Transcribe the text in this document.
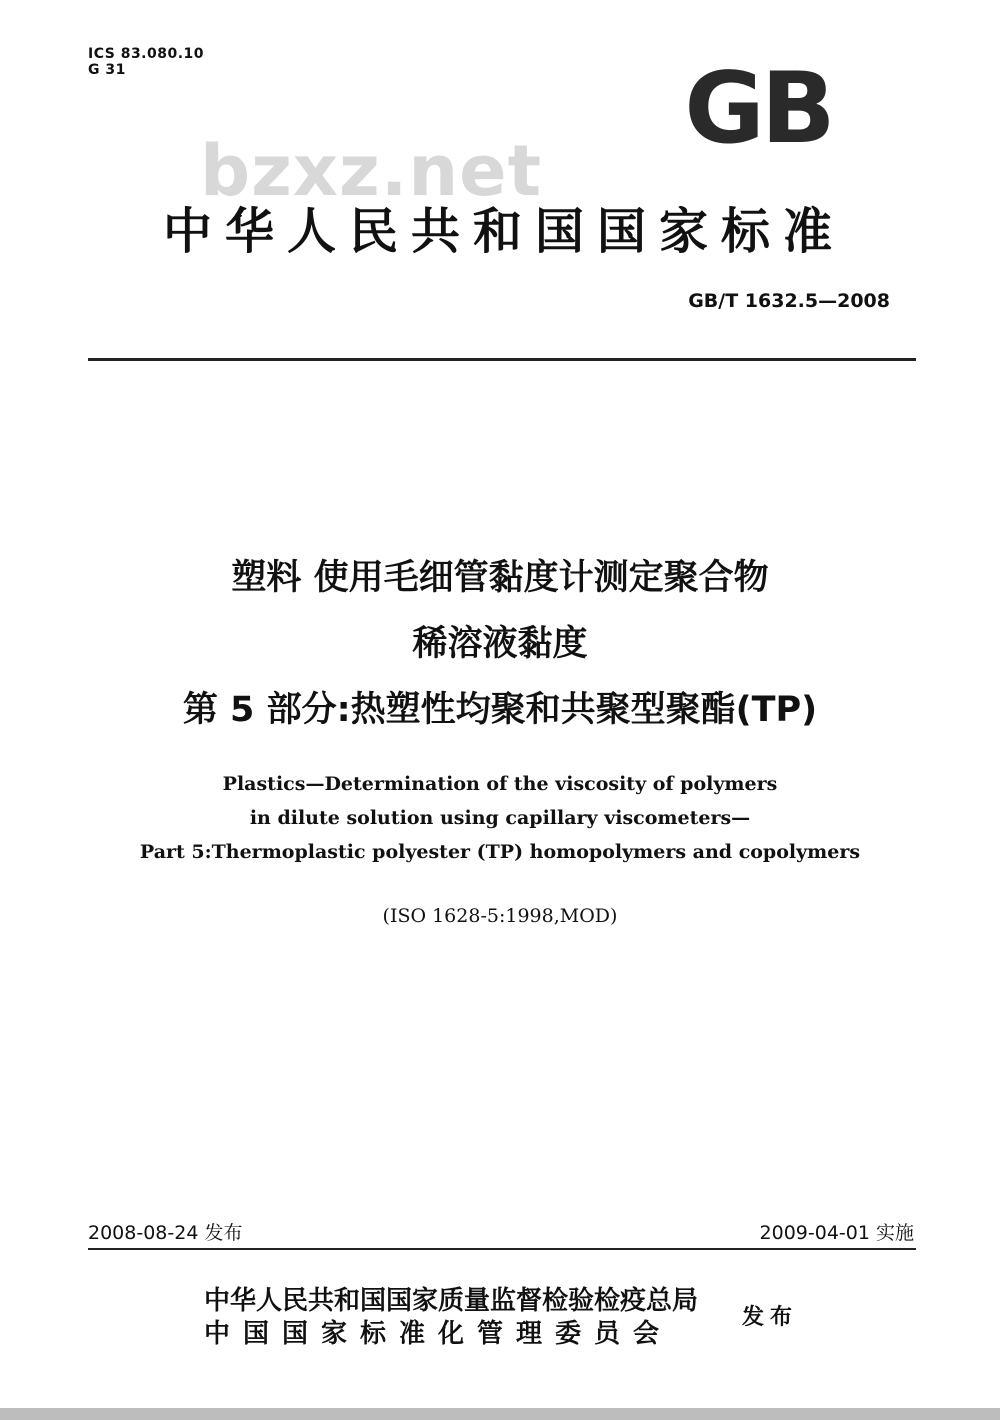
ICS 83.080.10
G 31	GB
bzxz.net
中华人民共和国国家标准
GB/T 1632.5—2008
塑料 使用毛细管黏度计测定聚合物
稀溶液黏度
第 5 部分:热塑性均聚和共聚型聚酯(TP)
Plastics—Determination of the viscosity of polymers
in dilute solution using capillary viscometers—
Part 5:Thermoplastic polyester (TP) homopolymers and copolymers
(ISO 1628-5:1998,MOD)
2008-08-24 发布	2009-04-01 实施
中华人民共和国国家质量监督检验检疫总局
中国国家标准化管理委员会
发布
